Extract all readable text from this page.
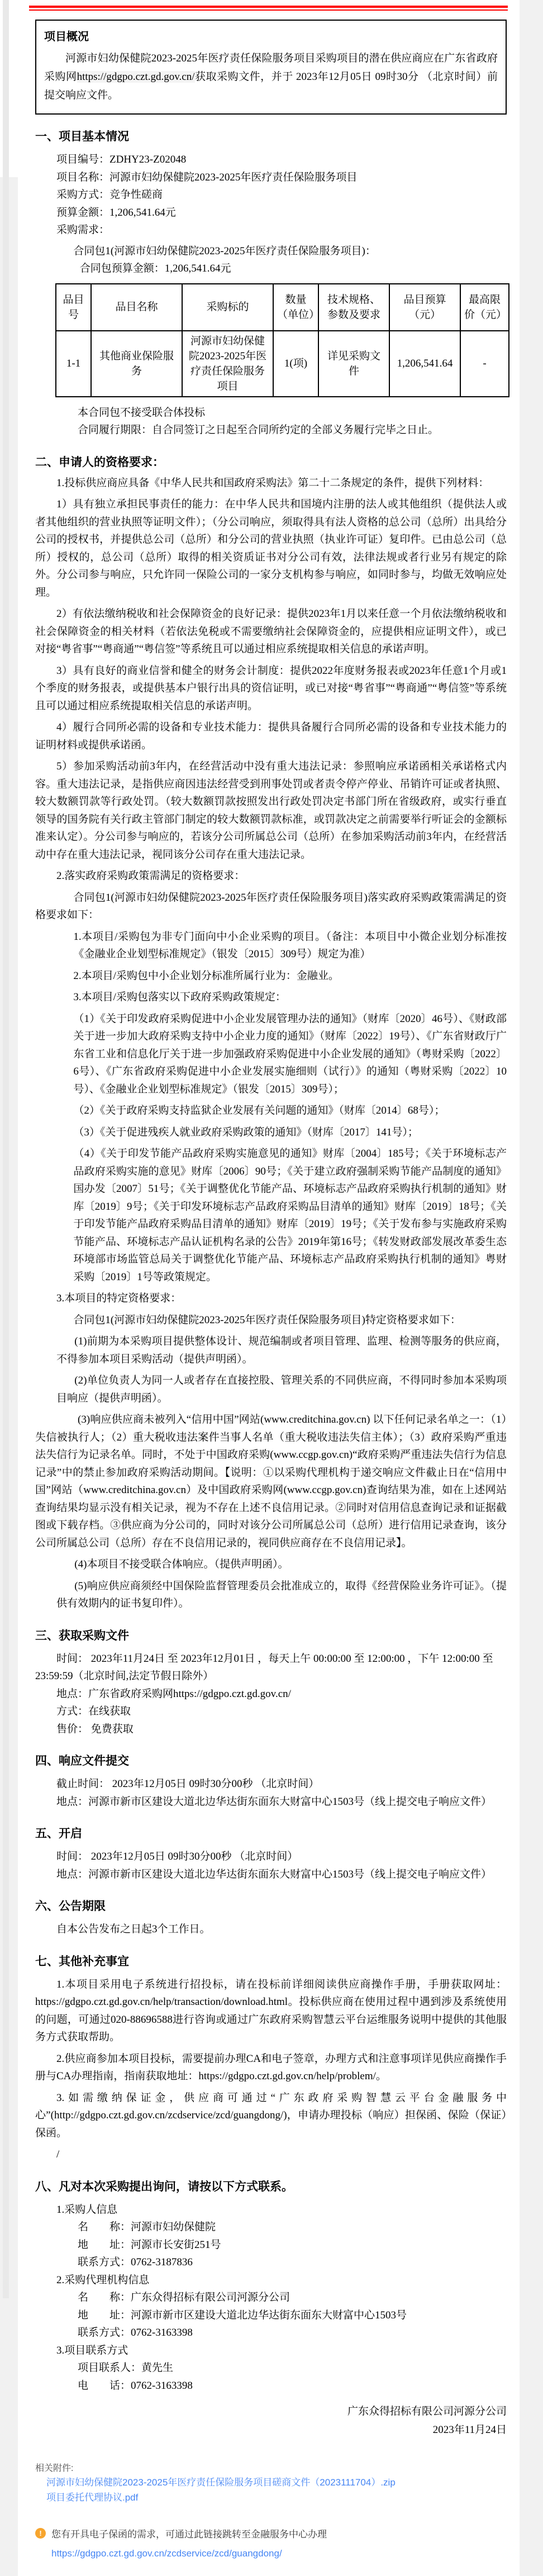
项目概况

河源市妇幼保健院2023-2025年医疗责任保险服务项目采购项目的潜在供应商应在广东省政府采购网https://gdgpo.czt.gd.gov.cn/获取采购文件，并于 2023年12月05日 09时30分 （北京时间）前提交响应文件。

一、项目基本情况

项目编号：ZDHY23-Z02048

项目名称：河源市妇幼保健院2023-2025年医疗责任保险服务项目

采购方式：竞争性磋商

预算金额：1,206,541.64元

采购需求：

合同包1(河源市妇幼保健院2023-2025年医疗责任保险服务项目)：

合同包预算金额：1,206,541.64元

品目号	品目名称	采购标的	数量（单位）	技术规格、参数及要求	品目预算（元）	最高限价（元）
1-1	其他商业保险服务	河源市妇幼保健院2023-2025年医疗责任保险服务项目	1(项)	详见采购文件	1,206,541.64	-

本合同包不接受联合体投标

合同履行期限：自合同签订之日起至合同所约定的全部义务履行完毕之日止。

二、申请人的资格要求：

1.投标供应商应具备《中华人民共和国政府采购法》第二十二条规定的条件，提供下列材料：

1）具有独立承担民事责任的能力：在中华人民共和国境内注册的法人或其他组织（提供法人或者其他组织的营业执照等证明文件）；（分公司响应，须取得具有法人资格的总公司（总所）出具给分公司的授权书，并提供总公司（总所）和分公司的营业执照（执业许可证）复印件。已由总公司（总所）授权的，总公司（总所）取得的相关资质证书对分公司有效，法律法规或者行业另有规定的除外。分公司参与响应，只允许同一保险公司的一家分支机构参与响应，如同时参与，均做无效响应处理。

2）有依法缴纳税收和社会保障资金的良好记录：提供2023年1月以来任意一个月依法缴纳税收和社会保障资金的相关材料（若依法免税或不需要缴纳社会保障资金的，应提供相应证明文件），或已对接“粤省事”“粤商通”“粤信签”等系统且可以通过相应系统提取相关信息的承诺声明。

3）具有良好的商业信誉和健全的财务会计制度：提供2022年度财务报表或2023年任意1个月或1个季度的财务报表，或提供基本户银行出具的资信证明，或已对接“粤省事”“粤商通”“粤信签”等系统且可以通过相应系统提取相关信息的承诺声明。

4）履行合同所必需的设备和专业技术能力：提供具备履行合同所必需的设备和专业技术能力的证明材料或提供承诺函。

5）参加采购活动前3年内，在经营活动中没有重大违法记录：参照响应承诺函相关承诺格式内容。重大违法记录，是指供应商因违法经营受到刑事处罚或者责令停产停业、吊销许可证或者执照、较大数额罚款等行政处罚。（较大数额罚款按照发出行政处罚决定书部门所在省级政府，或实行垂直领导的国务院有关行政主管部门制定的较大数额罚款标准，或罚款决定之前需要举行听证会的金额标准来认定）。分公司参与响应的，若该分公司所属总公司（总所）在参加采购活动前3年内，在经营活动中存在重大违法记录，视同该分公司存在重大违法记录。

2.落实政府采购政策需满足的资格要求：

合同包1(河源市妇幼保健院2023-2025年医疗责任保险服务项目)落实政府采购政策需满足的资格要求如下：

1.本项目/采购包为非专门面向中小企业采购的项目。（备注：本项目中小微企业划分标准按《金融业企业划型标准规定》（银发〔2015〕309号）规定为准）

2.本项目/采购包中小企业划分标准所属行业为：金融业。

3.本项目/采购包落实以下政府采购政策规定：

（1）《关于印发政府采购促进中小企业发展管理办法的通知》（财库〔2020〕46号）、《财政部关于进一步加大政府采购支持中小企业力度的通知》（财库〔2022〕19号）、《广东省财政厅广东省工业和信息化厅关于进一步加强政府采购促进中小企业发展的通知》（粤财采购〔2022〕6号）、《广东省政府采购促进中小企业发展实施细则（试行）》的通知（粤财采购〔2022〕10号）、《金融业企业划型标准规定》（银发〔2015〕309号）；

（2）《关于政府采购支持监狱企业发展有关问题的通知》（财库〔2014〕68号）；

（3）《关于促进残疾人就业政府采购政策的通知》（财库〔2017〕141号）；

（4）《关于印发节能产品政府采购实施意见的通知》财库〔2004〕185号；《关于环境标志产品政府采购实施的意见》财库〔2006〕90号；《关于建立政府强制采购节能产品制度的通知》国办发〔2007〕51号；《关于调整优化节能产品、环境标志产品政府采购执行机制的通知》财库〔2019〕9号；《关于印发环境标志产品政府采购品目清单的通知》财库〔2019〕18号；《关于印发节能产品政府采购品目清单的通知》财库〔2019〕19号；《关于发布参与实施政府采购节能产品、环境标志产品认证机构名录的公告》2019年第16号；《转发财政部发展改革委生态环境部市场监管总局关于调整优化节能产品、环境标志产品政府采购执行机制的通知》粤财采购〔2019〕1号等政策规定。

3.本项目的特定资格要求：

合同包1(河源市妇幼保健院2023-2025年医疗责任保险服务项目)特定资格要求如下：

(1)前期为本采购项目提供整体设计、规范编制或者项目管理、监理、检测等服务的供应商，不得参加本项目采购活动（提供声明函）。

(2)单位负责人为同一人或者存在直接控股、管理关系的不同供应商，不得同时参加本采购项目响应（提供声明函）。

(3)响应供应商未被列入“信用中国”网站(www.creditchina.gov.cn) 以下任何记录名单之一：（1）失信被执行人；（2）重大税收违法案件当事人名单（重大税收违法失信主体）；（3）政府采购严重违法失信行为记录名单。同时，不处于中国政府采购(www.ccgp.gov.cn)“政府采购严重违法失信行为信息记录”中的禁止参加政府采购活动期间。【说明：①以采购代理机构于递交响应文件截止日在“信用中国”网站（www.creditchina.gov.cn）及中国政府采购网(www.ccgp.gov.cn)查询结果为准，如在上述网站查询结果均显示没有相关记录，视为不存在上述不良信用记录。②同时对信用信息查询记录和证据截图或下载存档。③供应商为分公司的，同时对该分公司所属总公司（总所）进行信用记录查询，该分公司所属总公司（总所）存在不良信用记录的，视同供应商存在不良信用记录】。

(4)本项目不接受联合体响应。（提供声明函）。

(5)响应供应商须经中国保险监督管理委员会批准成立的，取得《经营保险业务许可证》。（提供有效期内的证书复印件）。

三、获取采购文件

时间： 2023年11月24日 至 2023年12月01日 ，每天上午 00:00:00 至 12:00:00 ，下午 12:00:00 至 23:59:59（北京时间,法定节假日除外）

地点：广东省政府采购网https://gdgpo.czt.gd.gov.cn/

方式：在线获取

售价： 免费获取

四、响应文件提交

截止时间： 2023年12月05日 09时30分00秒 （北京时间）

地点：河源市新市区建设大道北边华达街东面东大财富中心1503号（线上提交电子响应文件）

五、开启

时间： 2023年12月05日 09时30分00秒 （北京时间）

地点：河源市新市区建设大道北边华达街东面东大财富中心1503号（线上提交电子响应文件）

六、公告期限

自本公告发布之日起3个工作日。

七、其他补充事宜

1.本项目采用电子系统进行招投标，请在投标前详细阅读供应商操作手册，手册获取网址：https://gdgpo.czt.gd.gov.cn/help/transaction/download.html。投标供应商在使用过程中遇到涉及系统使用的问题，可通过020-88696588进行咨询或通过广东政府采购智慧云平台运维服务说明中提供的其他服务方式获取帮助。

2.供应商参加本项目投标，需要提前办理CA和电子签章，办理方式和注意事项详见供应商操作手册与CA办理指南，指南获取地址：https://gdgpo.czt.gd.gov.cn/help/problem/。

3.如需缴纳保证金，供应商可通过“广东政府采购智慧云平台金融服务中心”(http://gdgpo.czt.gd.gov.cn/zcdservice/zcd/guangdong/)，申请办理投标（响应）担保函、保险（保证）保函。

/

八、凡对本次采购提出询问，请按以下方式联系。

1.采购人信息

名　　称：河源市妇幼保健院

地　　址：河源市长安街251号

联系方式：0762-3187836

2.采购代理机构信息

名　　称：广东众得招标有限公司河源分公司

地　　址：河源市新市区建设大道北边华达街东面东大财富中心1503号

联系方式：0762-3163398

3.项目联系方式

项目联系人：黄先生

电　　话：0762-3163398

广东众得招标有限公司河源分公司

2023年11月24日

相关附件:
河源市妇幼保健院2023-2025年医疗责任保险服务项目磋商文件（2023111704）.zip
项目委托代理协议.pdf
!	您有开具电子保函的需求，可通过此链接跳转至金融服务中心办理
https://gdgpo.czt.gd.gov.cn/zcdservice/zcd/guangdong/
